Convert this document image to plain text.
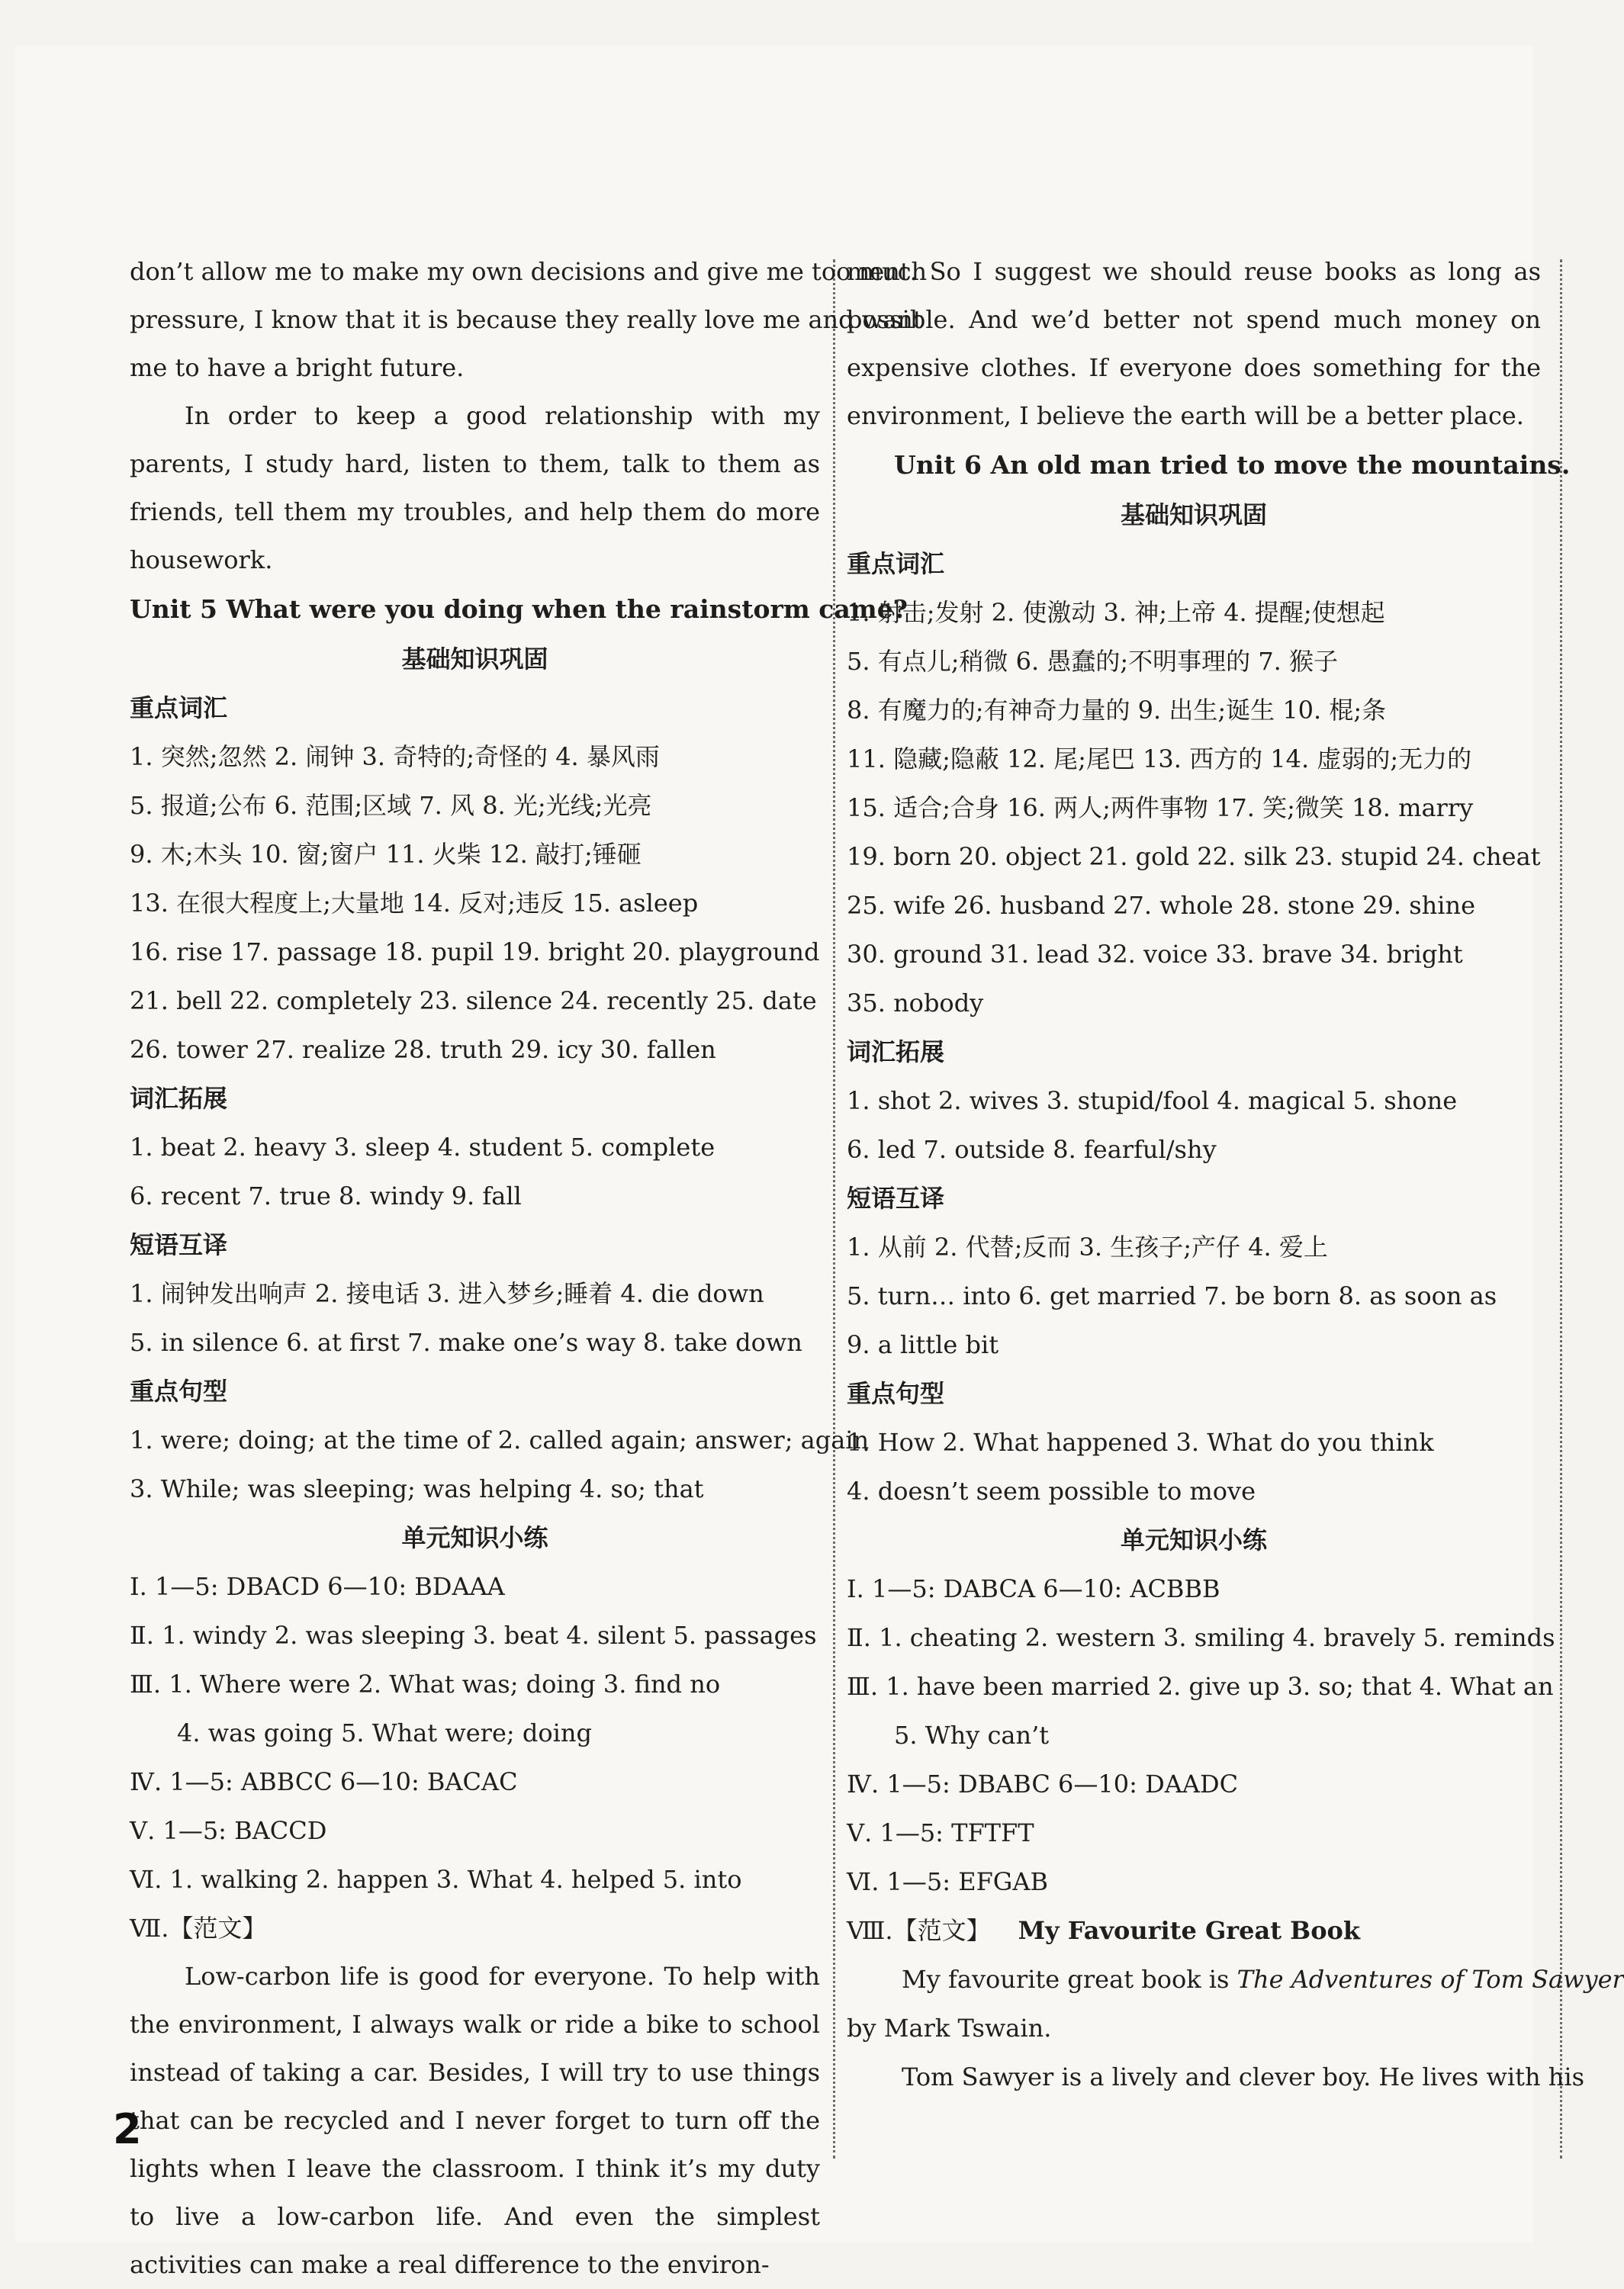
don’t allow me to make my own decisions and give me too much
pressure, I know that it is because they really love me and want
me to have a bright future.

In order to keep a good relationship with my parents, I study hard, listen to them, talk to them as friends, tell them my troubles, and help them do more housework.

Unit 5 What were you doing when the rainstorm came?
基础知识巩固
重点词汇
1. 突然;忽然 2. 闹钟 3. 奇特的;奇怪的 4. 暴风雨
5. 报道;公布 6. 范围;区域 7. 风 8. 光;光线;光亮
9. 木;木头 10. 窗;窗户 11. 火柴 12. 敲打;锤砸
13. 在很大程度上;大量地 14. 反对;违反 15. asleep
16. rise 17. passage 18. pupil 19. bright 20. playground
21. bell 22. completely 23. silence 24. recently 25. date
26. tower 27. realize 28. truth 29. icy 30. fallen
词汇拓展
1. beat 2. heavy 3. sleep 4. student 5. complete
6. recent 7. true 8. windy 9. fall
短语互译
1. 闹钟发出响声 2. 接电话 3. 进入梦乡;睡着 4. die down
5. in silence 6. at first 7. make one’s way 8. take down
重点句型
1. were; doing; at the time of 2. called again; answer; again
3. While; was sleeping; was helping 4. so; that
单元知识小练
Ⅰ. 1—5: DBACD 6—10: BDAAA
Ⅱ. 1. windy 2. was sleeping 3. beat 4. silent 5. passages
Ⅲ. 1. Where were 2. What was; doing 3. find no
4. was going 5. What were; doing
Ⅳ. 1—5: ABBCC 6—10: BACAC
Ⅴ. 1—5: BACCD
Ⅵ. 1. walking 2. happen 3. What 4. helped 5. into
Ⅶ.【范文】

Low-carbon life is good for everyone. To help with the environment, I always walk or ride a bike to school instead of taking a car. Besides, I will try to use things that can be recycled and I never forget to turn off the lights when I leave the classroom. I think it’s my duty to live a low-carbon life. And even the simplest activities can make a real difference to the environ-

ment. So I suggest we should reuse books as long as possible. And we’d better not spend much money on expensive clothes. If everyone does something for the environment, I believe the earth will be a better place.

Unit 6 An old man tried to move the mountains.
基础知识巩固
重点词汇
1. 射击;发射 2. 使激动 3. 神;上帝 4. 提醒;使想起
5. 有点儿;稍微 6. 愚蠢的;不明事理的 7. 猴子
8. 有魔力的;有神奇力量的 9. 出生;诞生 10. 棍;条
11. 隐藏;隐蔽 12. 尾;尾巴 13. 西方的 14. 虚弱的;无力的
15. 适合;合身 16. 两人;两件事物 17. 笑;微笑 18. marry
19. born 20. object 21. gold 22. silk 23. stupid 24. cheat
25. wife 26. husband 27. whole 28. stone 29. shine
30. ground 31. lead 32. voice 33. brave 34. bright
35. nobody
词汇拓展
1. shot 2. wives 3. stupid/fool 4. magical 5. shone
6. led 7. outside 8. fearful/shy
短语互译
1. 从前 2. 代替;反而 3. 生孩子;产仔 4. 爱上
5. turn… into 6. get married 7. be born 8. as soon as
9. a little bit
重点句型
1. How 2. What happened 3. What do you think
4. doesn’t seem possible to move
单元知识小练
Ⅰ. 1—5: DABCA 6—10: ACBBB
Ⅱ. 1. cheating 2. western 3. smiling 4. bravely 5. reminds
Ⅲ. 1. have been married 2. give up 3. so; that 4. What an
5. Why can’t
Ⅳ. 1—5: DBABC 6—10: DAADC
Ⅴ. 1—5: TFTFT
Ⅵ. 1—5: EFGAB
Ⅷ.【范文】 My Favourite Great Book
My favourite great book is The Adventures of Tom Sawyer
by Mark Tswain.
Tom Sawyer is a lively and clever boy. He lives with his
2
